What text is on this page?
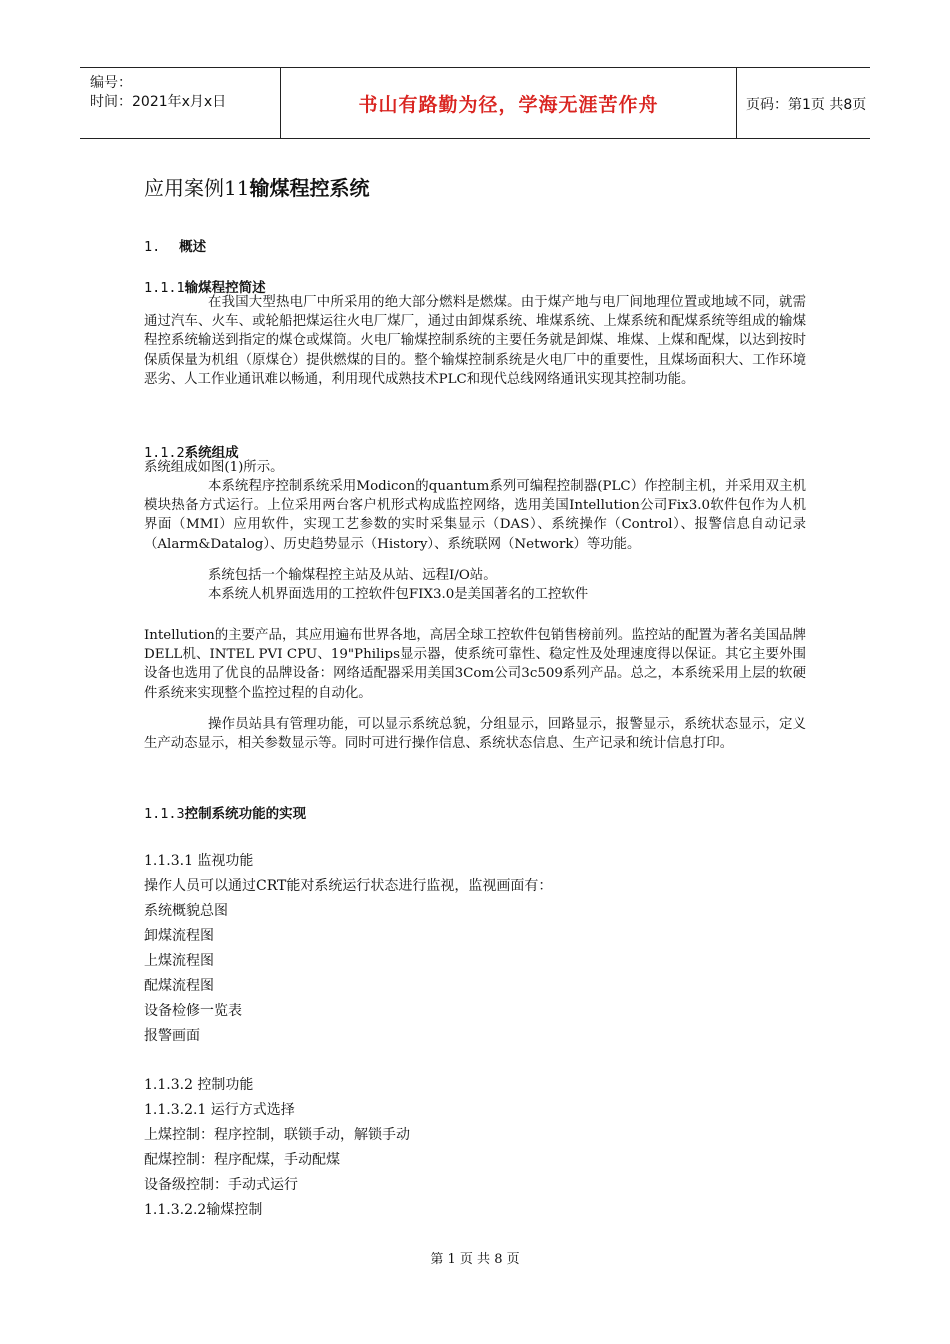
编号：
时间：2021年x月x日	书山有路勤为径，学海无涯苦作舟	页码：第1页 共8页
应用案例11输煤程控系统
1. 概述
1.1.1输煤程控简述
在我国大型热电厂中所采用的绝大部分燃料是燃煤。由于煤产地与电厂间地理位置或地域不同，就需通过汽车、火车、或轮船把煤运往火电厂煤厂，通过由卸煤系统、堆煤系统、上煤系统和配煤系统等组成的输煤程控系统输送到指定的煤仓或煤筒。火电厂输煤控制系统的主要任务就是卸煤、堆煤、上煤和配煤，以达到按时保质保量为机组（原煤仓）提供燃煤的目的。整个输煤控制系统是火电厂中的重要性，且煤场面积大、工作环境恶劣、人工作业通讯难以畅通，利用现代成熟技术PLC和现代总线网络通讯实现其控制功能。
1.1.2系统组成
系统组成如图(1)所示。
本系统程序控制系统采用Modicon的quantum系列可编程控制器(PLC）作控制主机，并采用双主机模块热备方式运行。上位采用两台客户机形式构成监控网络，选用美国Intellution公司Fix3.0软件包作为人机界面（MMI）应用软件，实现工艺参数的实时采集显示（DAS）、系统操作（Control）、报警信息自动记录（Alarm&Datalog）、历史趋势显示（History）、系统联网（Network）等功能。
系统包括一个输煤程控主站及从站、远程I/O站。
本系统人机界面选用的工控软件包FIX3.0是美国著名的工控软件
Intellution的主要产品，其应用遍布世界各地，高居全球工控软件包销售榜前列。监控站的配置为著名美国品牌DELL机、INTEL PVI CPU、19"Philips显示器，使系统可靠性、稳定性及处理速度得以保证。其它主要外围设备也选用了优良的品牌设备：网络适配器采用美国3Com公司3c509系列产品。总之，本系统采用上层的软硬件系统来实现整个监控过程的自动化。
操作员站具有管理功能，可以显示系统总貌，分组显示，回路显示，报警显示，系统状态显示，定义生产动态显示，相关参数显示等。同时可进行操作信息、系统状态信息、生产记录和统计信息打印。
1.1.3控制系统功能的实现
1.1.3.1 监视功能
操作人员可以通过CRT能对系统运行状态进行监视，监视画面有：
系统概貌总图
卸煤流程图
上煤流程图
配煤流程图
设备检修一览表
报警画面
1.1.3.2 控制功能
1.1.3.2.1 运行方式选择
上煤控制：程序控制，联锁手动，解锁手动
配煤控制：程序配煤，手动配煤
设备级控制：手动式运行
1.1.3.2.2输煤控制
第 1 页 共 8 页
